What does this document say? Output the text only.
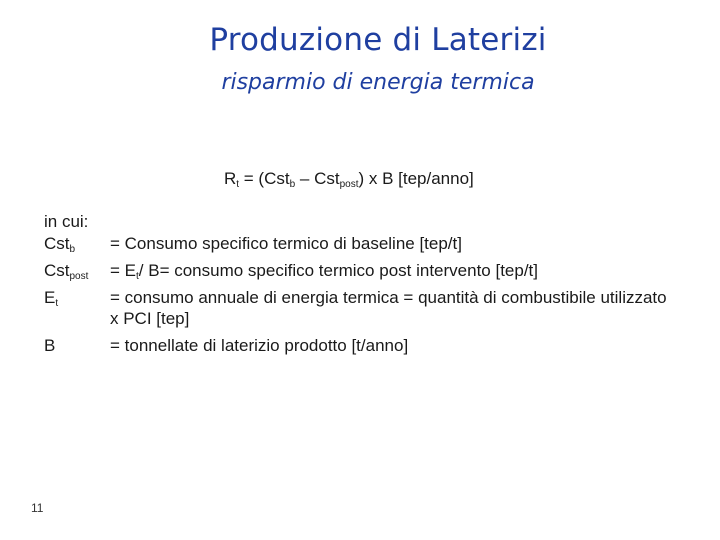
Produzione di Laterizi
risparmio di energia termica
$R_t = (Cst_b - Cst_{post})$ x B [tep/anno]
in cui:
Cst$_b$	= Consumo specifico termico di baseline [tep/t]
Cst$_{post}$	= $E_t/$ B= consumo specifico termico post intervento [tep/t]
$E_t$	= consumo annuale di energia termica = quantità di combustibile utilizzato x PCI [tep]
B	= tonnellate di laterizio prodotto [t/anno]
11
